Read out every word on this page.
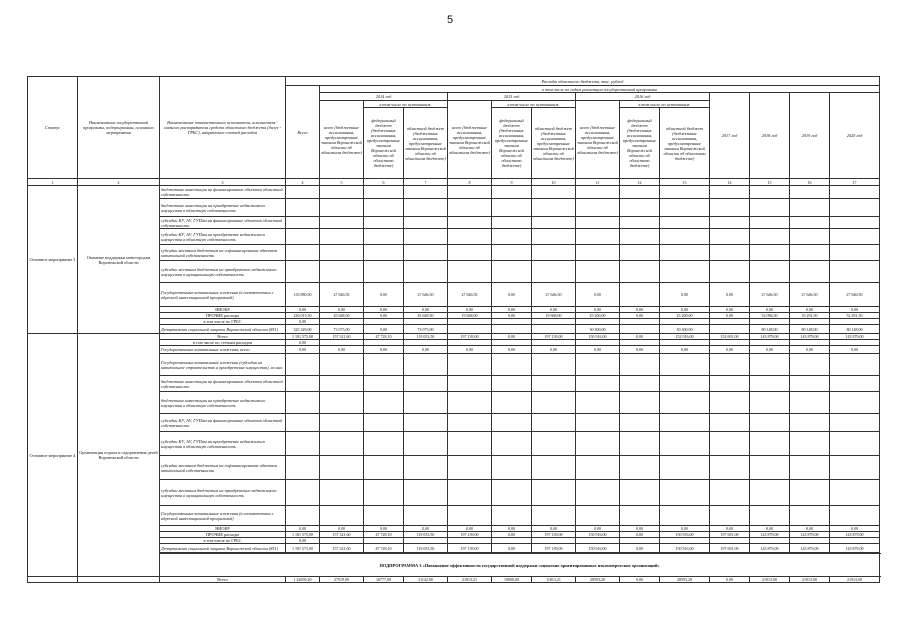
5
Статус	Наименование государственной программы, подпрограммы, основного мероприятия	Наименование ответственного исполнителя, исполнителя - главного распорядителя средств областного бюджета (далее - ГРБС), направление статей расходов	Расходы областного бюджета, тыс. рублей													
			Всего	в том числе по годам реализации государственной программы												
				2014 год			2015 год			2016 год			2017 год	2018 год	2019 год	2020 год
				всего (бюджетные ассигнования, предусмотренные законом Воронежской области об областном бюджете)	в том числе по источникам:		всего (бюджетные ассигнования, предусмотренные законом Воронежской области об областном бюджете)	в том числе по источникам:		всего (бюджетные ассигнования, предусмотренные законом Воронежской области об областном бюджете)	в том числе по источникам:					
					федеральный бюджет (бюджетные ассигнования, предусмотренные законом Воронежской области об областном бюджете)	областной бюджет (бюджетные ассигнования, предусмотренные законом Воронежской области об областном бюджете)		федеральный бюджет (бюджетные ассигнования, предусмотренные законом Воронежской области об областном бюджете)	областной бюджет (бюджетные ассигнования, предусмотренные законом Воронежской области об областном бюджете)		федеральный бюджет (бюджетные ассигнования, предусмотренные законом Воронежской области об областном бюджете)	областной бюджет (бюджетные ассигнования, предусмотренные законом Воронежской области об областном бюджете)				
1	2	3	4	5	6	7	8	9	10	11	12	13	14	15	16	17
Основное мероприятие 3	Оказание поддержки моногородам Воронежской области	бюджетные инвестиции на финансирование объектов областной собственности														
		бюджетные инвестиции на приобретение недвижимого имущества в областную собственность														
		субсидии КУ, АУ, ГУПам на финансирование объектов областной собственности														
		субсидии КУ, АУ, ГУПам на приобретение недвижимого имущества в областную собственность														
		субсидии местным бюджетам на софинансирование объектов капитальной собственности														
		субсидии местным бюджетам на приобретение недвижимого имущества в муниципальную собственность														
		Государственные капитальные вложения (в соответствии с адресной инвестиционной программой)	133 880,00	27 646,50	0,00	27 646,50	27 646,50	0,00	27 646,50	0,00		0,00	0,00	27 646,50	27 646,50	27 646,50
		НИОКР	0,00	0,00	0,00	0,00	0,00	0,00	0,00	0,00	0,00	0,00	0,00	0,00	0,00	0,00
		ПРОЧИЕ расходы	226 015,50	45 648,50	0,00	45 648,50	19 668,00	0,00	19 668,00	25 200,00	0,00	25 200,00	0,00	52 096,50	35 291,50	52 291,50
		в том числе по ГРБС	0,00													
		Департамент социальной защиты Воронежской области (851)	325 349,00	73 075,00	0,00	73 075,00				30 300,00		30 300,00		80 148,00	80 148,00	80 148,00
Основное мероприятие 4	Организация отдыха и оздоровления детей Воронежской области	Всего	1 181 575,00	157 321,60	47 728,10	119 053,50	197 139,00	0,00	197 139,00	150 916,00	0,00	152 916,00	152 691,00	143 879,00	143 879,00	143 879,00
		в том числе по статьям расходов	0,00													
		Государственные капитальные вложения, всего	0,00	0,00	0,00	0,00	0,00	0,00	0,00	0,00	0,00	0,00	0,00	0,00	0,00	0,00
		Государственные капитальные вложения (субсидии на капитальное строительство и приобретение имущества), из них:														
		бюджетные инвестиции на финансирование объектов областной собственности														
		бюджетные инвестиции на приобретение недвижимого имущества в областную собственность														
		субсидии КУ, АУ, ГУПам на финансирование объектов областной собственности														
		субсидии КУ, АУ, ГУПам на приобретение недвижимого имущества в областную собственность														
		субсидии местным бюджетам на софинансирование объектов капитальной собственности														
		субсидии местным бюджетам на приобретение недвижимого имущества в муниципальную собственность														
		Государственные капитальные вложения (в соответствии с адресной инвестиционной программой)														
		НИОКР	0,00	0,00	0,00	0,00	0,00	0,00	0,00	0,00	0,00	0,00	0,00	0,00	0,00	0,00
		ПРОЧИЕ расходы	1 181 575,00	157 321,60	47 728,10	119 053,50	197 139,00	0,00	197 139,00	150 916,00	0,00	150 916,00	197 691,00	143 879,00	143 879,00	143 879,00
		в том числе по ГРБС	0,00													
		Департамент социальной защиты Воронежской области (851)	1 181 575,00	157 321,60	47 728,10	119 053,50	197 139,00	0,00	197 139,00	150 916,00	0,00	150 916,00	197 691,00	143 879,00	143 879,00	143 879,00

		ПОДПРОГРАММА 3 «Повышение эффективности государственной поддержки социально ориентированных некоммерческих организаций»														
		Всего	1 42659,20	27919,00	16777,00	21142,00	21813,21	10000,00	11813,21	28593,20	0,00	28593,20	0,00	21913,00	21913,00	21913,00
